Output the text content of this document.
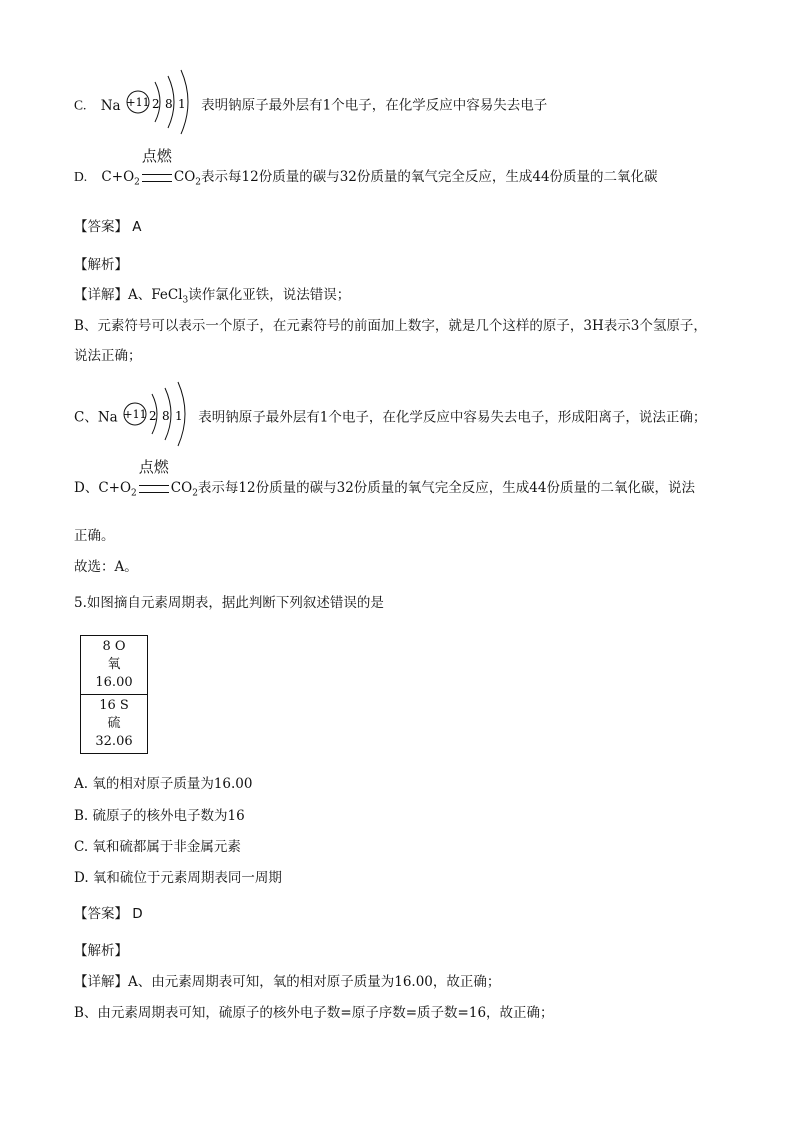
C. Na +11 2 8 1 表明钠原子最外层有1个电子，在化学反应中容易失去电子
D. $C+O_2$
点燃
$CO_2$表示每12份质量的碳与32份质量的氧气完全反应，生成44份质量的二氧化碳
【答案】 A
【解析】
【详解】A、FeCl$_3$读作氯化亚铁，说法错误；
B、元素符号可以表示一个原子，在元素符号的前面加上数字，就是几个这样的原子，3H表示3个氢原子，
说法正确；
C、Na +11 2 8 1 表明钠原子最外层有1个电子，在化学反应中容易失去电子，形成阳离子，说法正确；
D、$C+O_2$
点燃
$CO_2$表示每12份质量的碳与32份质量的氧气完全反应，生成44份质量的二氧化碳，说法
正确。
故选：A。
5.如图摘自元素周期表，据此判断下列叙述错误的是
8 O
氧
16.00
16 S
硫
32.06
A. 氧的相对原子质量为16.00
B. 硫原子的核外电子数为16
C. 氧和硫都属于非金属元素
D. 氧和硫位于元素周期表同一周期
【答案】 D
【解析】
【详解】A、由元素周期表可知，氧的相对原子质量为16.00，故正确；
B、由元素周期表可知，硫原子的核外电子数=原子序数=质子数=16，故正确；
